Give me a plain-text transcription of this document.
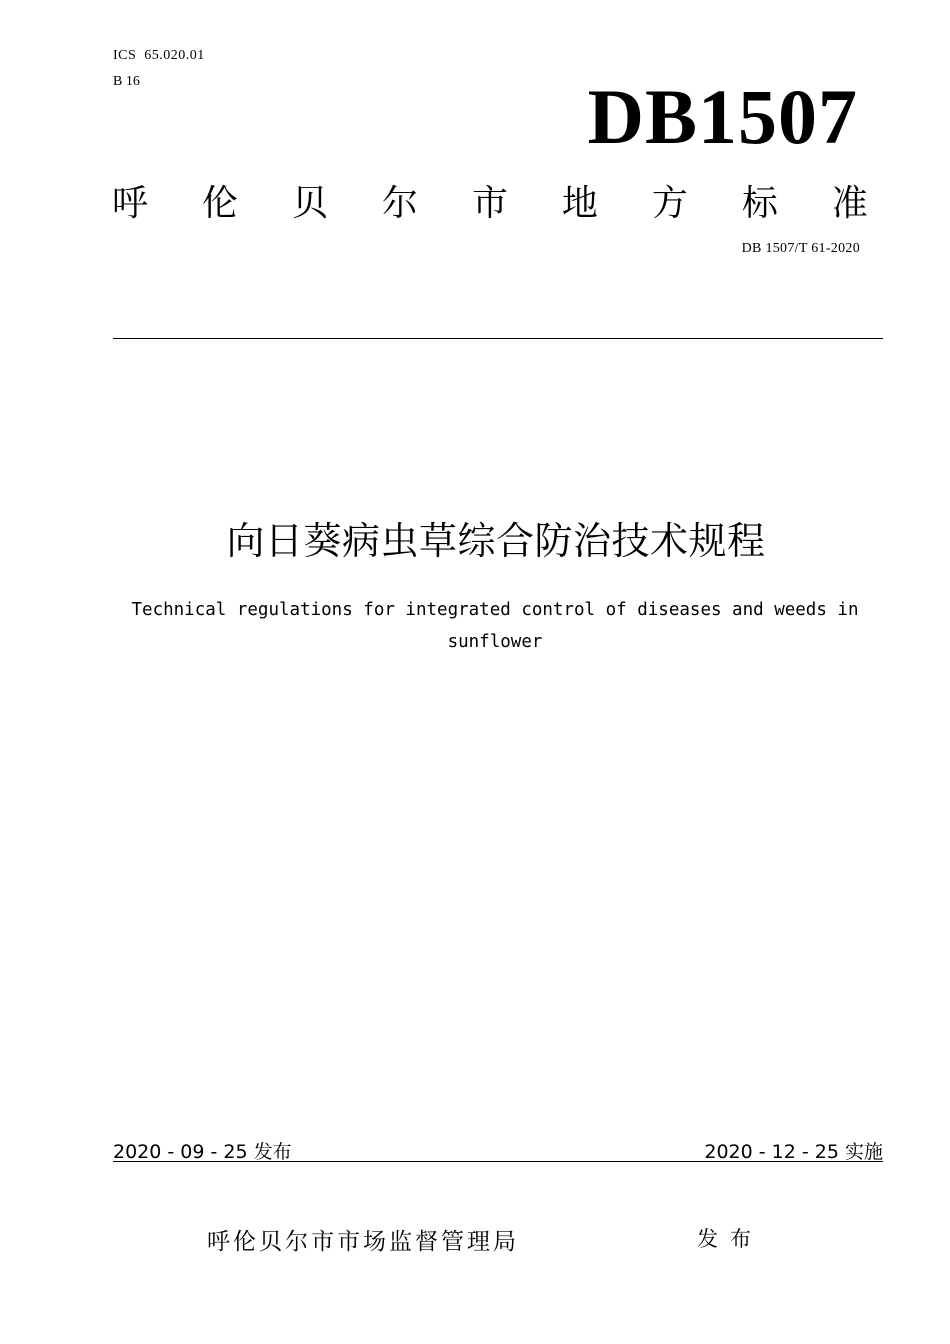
ICS  65.020.01
B 16	DB1507
呼 伦 贝 尔 市 地 方 标 准
DB 1507/T 61-2020
向日葵病虫草综合防治技术规程
Technical regulations for integrated control of diseases and weeds in sunflower
2020 - 09 - 25 发布	2020 - 12 - 25 实施
呼伦贝尔市市场监督管理局	发布
